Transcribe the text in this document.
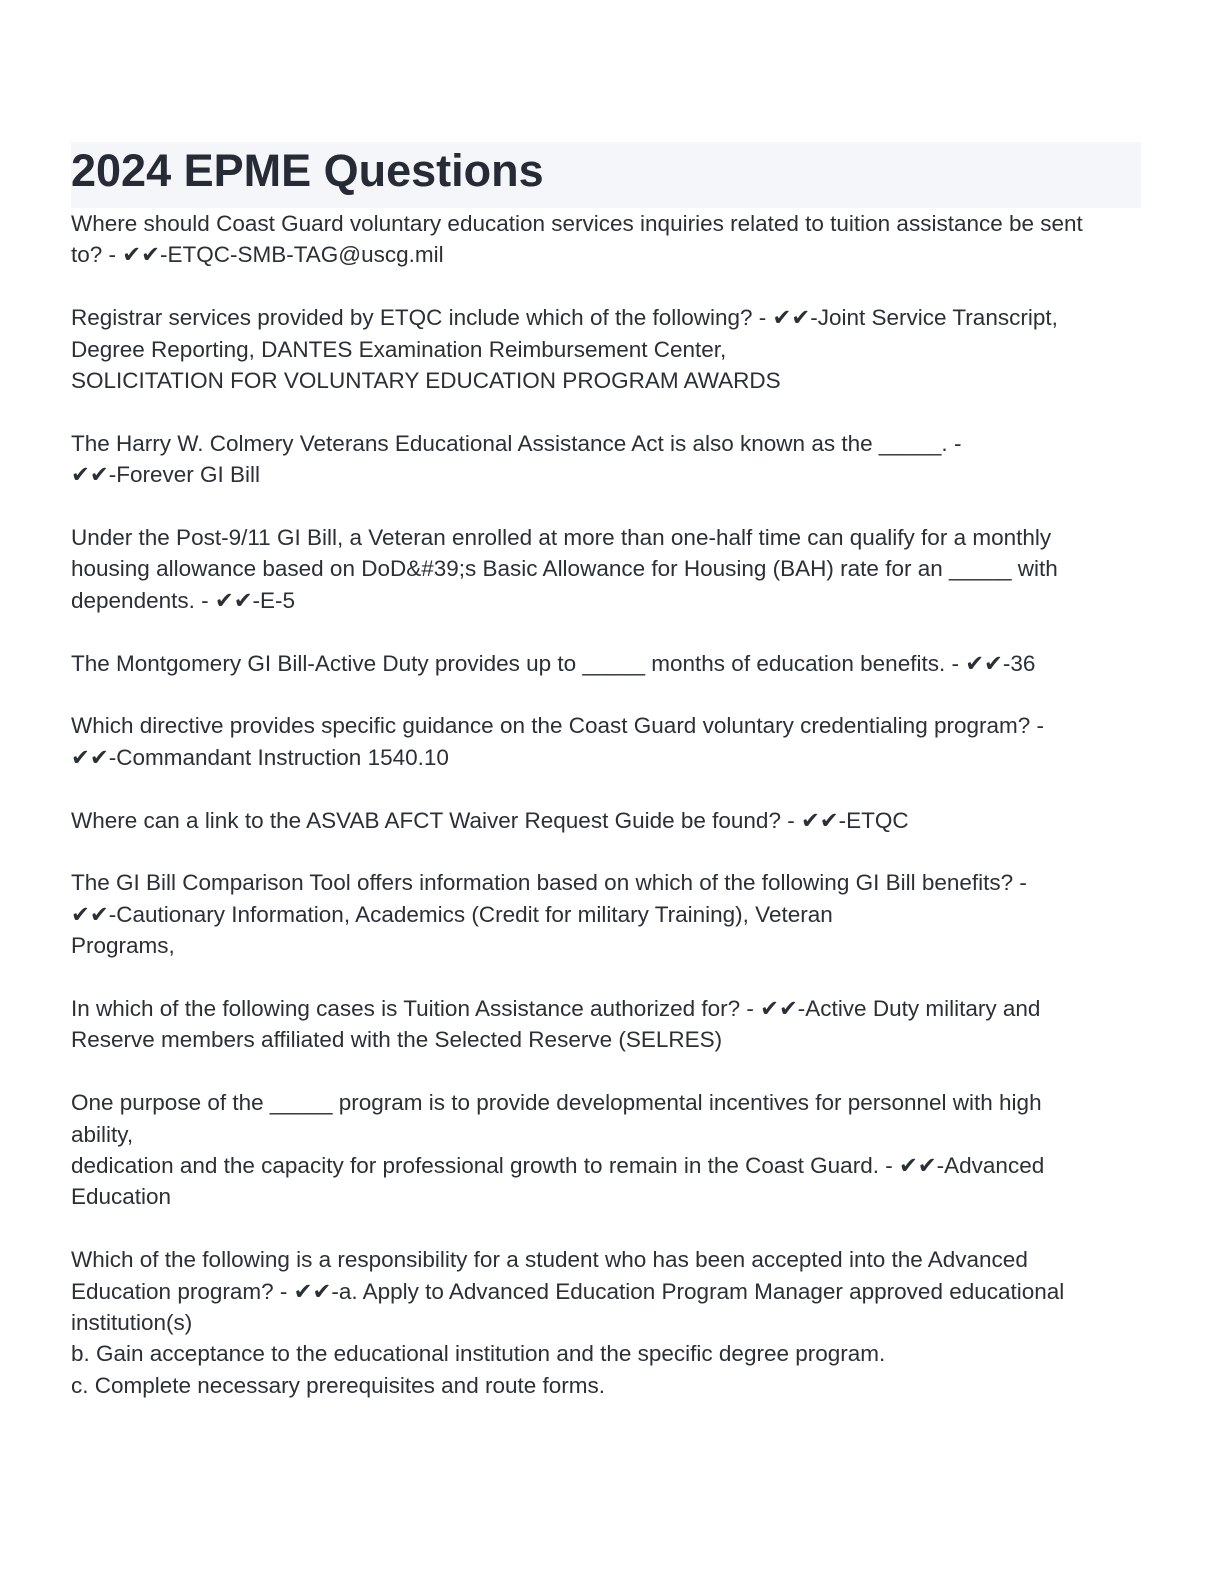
2024 EPME Questions
Where should Coast Guard voluntary education services inquiries related to tuition assistance be sent
to? - ✔✔-ETQC-SMB-TAG@uscg.mil
Registrar services provided by ETQC include which of the following? - ✔✔-Joint Service Transcript,
Degree Reporting, DANTES Examination Reimbursement Center,
SOLICITATION FOR VOLUNTARY EDUCATION PROGRAM AWARDS
The Harry W. Colmery Veterans Educational Assistance Act is also known as the _____. -
✔✔-Forever GI Bill
Under the Post-9/11 GI Bill, a Veteran enrolled at more than one-half time can qualify for a monthly
housing allowance based on DoD&#39;s Basic Allowance for Housing (BAH) rate for an _____ with
dependents. - ✔✔-E-5
The Montgomery GI Bill-Active Duty provides up to _____ months of education benefits. - ✔✔-36
Which directive provides specific guidance on the Coast Guard voluntary credentialing program? -
✔✔-Commandant Instruction 1540.10
Where can a link to the ASVAB AFCT Waiver Request Guide be found? - ✔✔-ETQC
The GI Bill Comparison Tool offers information based on which of the following GI Bill benefits? -
✔✔-Cautionary Information, Academics (Credit for military Training), Veteran
Programs,
In which of the following cases is Tuition Assistance authorized for? - ✔✔-Active Duty military and
Reserve members affiliated with the Selected Reserve (SELRES)
One purpose of the _____ program is to provide developmental incentives for personnel with high
ability,
dedication and the capacity for professional growth to remain in the Coast Guard. - ✔✔-Advanced
Education
Which of the following is a responsibility for a student who has been accepted into the Advanced
Education program? - ✔✔-a. Apply to Advanced Education Program Manager approved educational
institution(s)
b. Gain acceptance to the educational institution and the specific degree program.
c. Complete necessary prerequisites and route forms.
